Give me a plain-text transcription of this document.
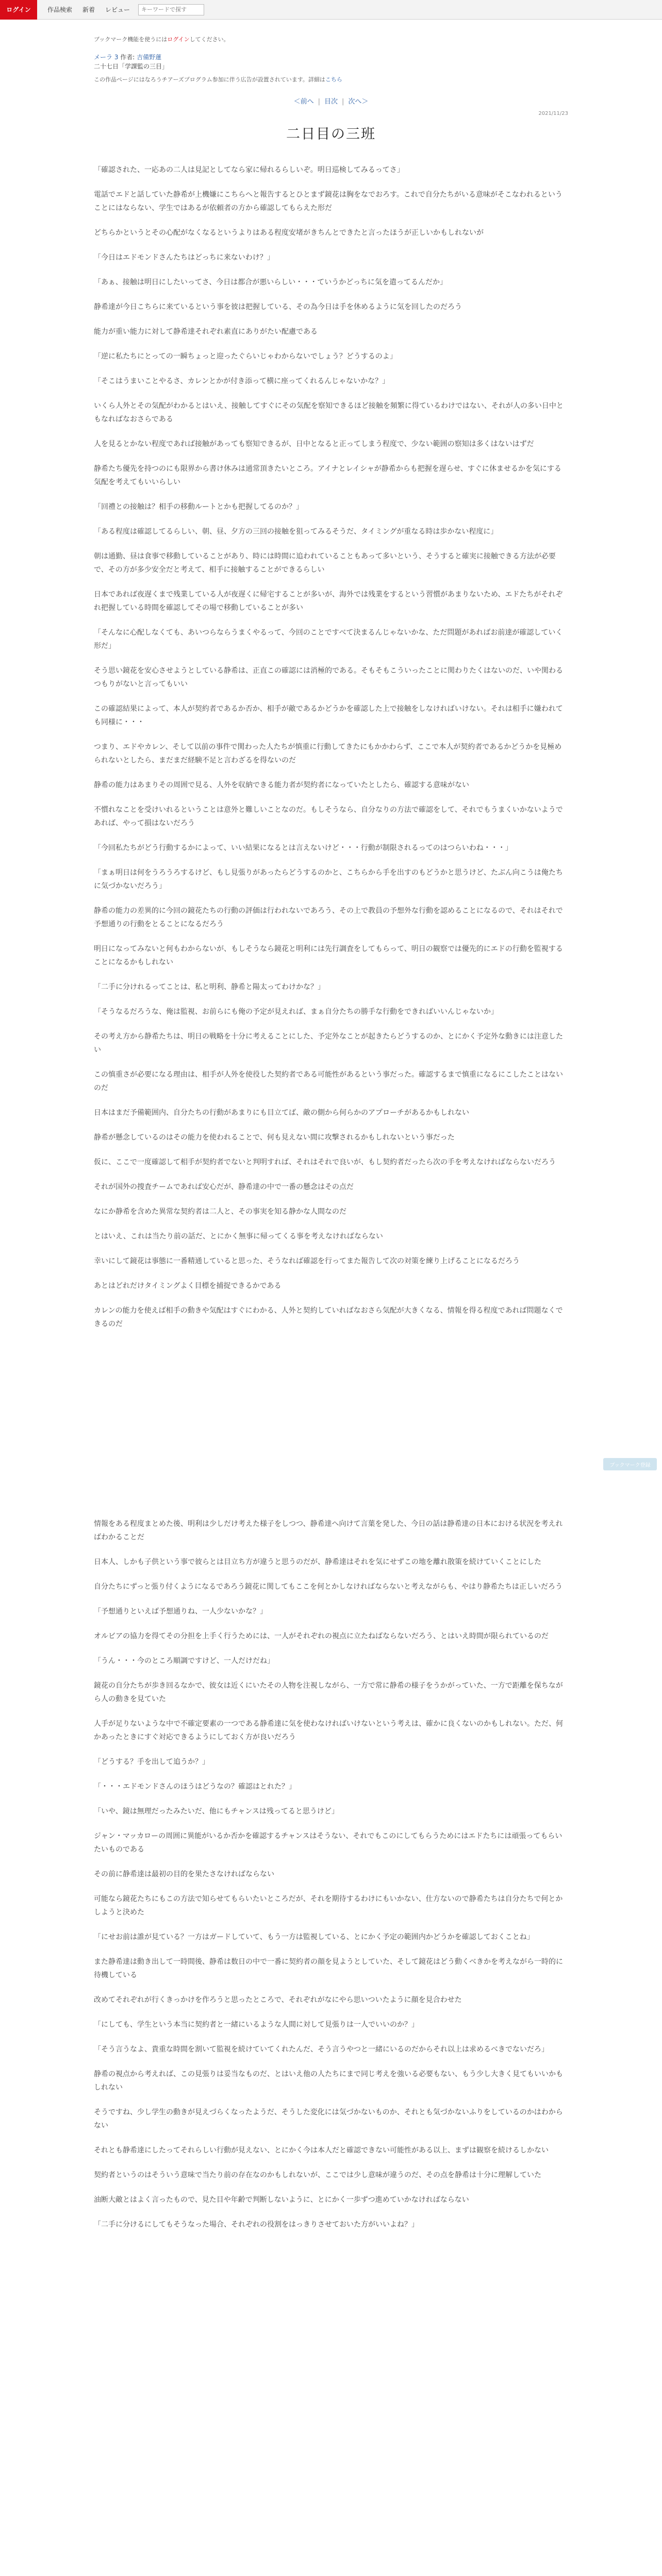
ログイン	作品検索 新着 レビュー
キーワードで探す
ブックマーク機能を使うにはログインしてください。
メーラ 3 作者: 吉備野蓮
二十七日「学課監の三目」
この作品ページにはなろうチアーズプログラム参加に伴う広告が設置されています。詳細はこちら
＜前へ | 目次 | 次へ＞
2021/11/23
二日目の三班

「確認された、一応あの二人は見記としてなら家に帰れるらしいぞ。明日巡検してみるってさ」

電話でエドと話していた静希が上機嫌にこちらへと報告するとひとまず鏡花は胸をなでおろす。これで自分たちがいる意味がそこなわれるということにはならない、学生ではあるが依頼者の方から確認してもらえた形だ

どちらかというとその心配がなくなるというよりはある程度安堵がきちんとできたと言ったほうが正しいかもしれないが

「今日はエドモンドさんたちはどっちに来ないわけ？」

「あぁ、接触は明日にしたいってさ、今日は都合が悪いらしい・・・ていうかどっちに気を遣ってるんだか」

静希達が今日こちらに来ているという事を彼は把握している、その為今日は手を休めるように気を回したのだろう

能力が重い能力に対して静希達それぞれ素直にありがたい配慮である

「逆に私たちにとっての一瞬ちょっと迎ったぐらいじゃわからないでしょう？どうするのよ」

「そこはうまいことやるさ、カレンとかが付き添って横に座ってくれるんじゃないかな？」

いくら人外とその気配がわかるとはいえ、接触してすぐにその気配を察知できるほど接触を頻繁に得ているわけではない、それが人の多い日中ともなればなおさらである

人を見るとかない程度であれば接触があっても察知できるが、日中となると正ってしまう程度で、少ない範囲の察知は多くはないはずだ

静希たち優先を持つのにも限界から書け休みは通常頂きたいところ。アイナとレイシャが静希からも把握を遅らせ、すぐに休ませるかを気にする気配を考えてもいいらしい

「回禮との接触は？相手の移動ルートとかも把握してるのか？」

「ある程度は確認してるらしい、朝、昼、夕方の三回の接触を狙ってみるそうだ、タイミングが重なる時は歩かない程度に」

朝は通勤、昼は食事で移動していることがあり、時には時間に追われていることもあって多いという、そうすると確実に接触できる方法が必要で、その方が多少安全だと考えて、相手に接触することができるらしい

日本であれば夜遅くまで残業している人が夜遅くに帰宅することが多いが、海外では残業をするという習慣があまりないため、エドたちがそれぞれ把握している時間を確認してその場で移動していることが多い

「そんなに心配しなくても、あいつらならうまくやるって、今回のことですべて決まるんじゃないかな、ただ問題があればお前達が確認していく形だ」

そう思い鏡花を安心させようとしている静希は、正直この確認には消極的である。そもそもこういったことに関わりたくはないのだ、いや関わるつもりがないと言ってもいい

この確認結果によって、本人が契約者であるか否か、相手が敵であるかどうかを確認した上で接触をしなければいけない。それは相手に嫌われても同様に・・・

つまり、エドやカレン、そして以前の事件で関わった人たちが慎重に行動してきたにもかかわらず、ここで本人が契約者であるかどうかを見極められないとしたら、まだまだ経験不足と言わざるを得ないのだ

静希の能力はあまりその周囲で見る、人外を収納できる能力者が契約者になっていたとしたら、確認する意味がない

不慣れなことを受けいれるということは意外と難しいことなのだ。もしそうなら、自分なりの方法で確認をして、それでもうまくいかないようであれば、やって損はないだろう

「今回私たちがどう行動するかによって、いい結果になるとは言えないけど・・・行動が制限されるってのはつらいわね・・・」

「まぁ明日は何をうろうろするけど、もし見張りがあったらどうするのかと、こちらから手を出すのもどうかと思うけど、たぶん向こうは俺たちに気づかないだろう」

静希の能力の差異的に今回の鏡花たちの行動の評価は行われないであろう、その上で教員の予想外な行動を認めることになるので、それはそれで予想通りの行動をとることになるだろう

明日になってみないと何もわからないが、もしそうなら鏡花と明利には先行調査をしてもらって、明日の観察では優先的にエドの行動を監視することになるかもしれない

「二手に分けれるってことは、私と明利、静希と陽太ってわけかな？」

「そうなるだろうな、俺は監視、お前らにも俺の予定が見えれば、まぁ自分たちの勝手な行動をできればいいんじゃないか」

その考え方から静希たちは、明日の戦略を十分に考えることにした、予定外なことが起きたらどうするのか、とにかく予定外な動きには注意したい

この慎重さが必要になる理由は、相手が人外を使役した契約者である可能性があるという事だった。確認するまで慎重になるにこしたことはないのだ

日本はまだ予備範囲内、自分たちの行動があまりにも目立てば、敵の側から何らかのアプローチがあるかもしれない

静希が懸念しているのはその能力を使われることで、何も見えない間に攻撃されるかもしれないという事だった

仮に、ここで一度確認して相手が契約者でないと判明すれば、それはそれで良いが、もし契約者だったら次の手を考えなければならないだろう

それが国外の捜査チームであれば安心だが、静希達の中で一番の懸念はその点だ

なにか静希を含めた異常な契約者は二人と、その事実を知る静かな人間なのだ

とはいえ、これは当たり前の話だ、とにかく無事に帰ってくる事を考えなければならない

幸いにして鏡花は事態に一番精通していると思った、そうなれば確認を行ってまた報告して次の対策を練り上げることになるだろう

あとはどれだけタイミングよく目標を捕捉できるかである

カレンの能力を使えば相手の動きや気配はすぐにわかる、人外と契約していればなおさら気配が大きくなる、情報を得る程度であれば問題なくできるのだ

情報をある程度まとめた後、明利は少しだけ考えた様子をしつつ、静希達へ向けて言葉を発した、今日の話は静希達の日本における状況を考えればわかることだ

日本人、しかも子供という事で彼らとは目立ち方が違うと思うのだが、静希達はそれを気にせずこの地を離れ散策を続けていくことにした

自分たちにずっと張り付くようになるであろう鏡花に関してもここを何とかしなければならないと考えながらも、やはり静希たちは正しいだろう

「予想通りといえば予想通りね、一人少ないかな？」

オルビアの協力を得てその分担を上手く行うためには、一人がそれぞれの視点に立たねばならないだろう、とはいえ時間が限られているのだ

「うん・・・今のところ順調ですけど、一人だけだね」

鏡花の自分たちが歩き回るなかで、彼女は近くにいたその人物を注視しながら、一方で常に静希の様子をうかがっていた、一方で距離を保ちながら人の動きを見ていた

人手が足りないような中で不確定要素の一つである静希達に気を使わなければいけないという考えは、確かに良くないのかもしれない。ただ、何かあったときにすぐ対応できるようにしておく方が良いだろう

「どうする？手を出して追うか？」

「・・・エドモンドさんのほうはどうなの？確認はとれた？」

「いや、鏡は無理だったみたいだ、他にもチャンスは残ってると思うけど」

ジャン・マッカローの周囲に異能がいるか否かを確認するチャンスはそうない、それでもこのにしてもらうためにはエドたちには頑張ってもらいたいものである

その前に静希達は最初の目的を果たさなければならない

可能なら鏡花たちにもこの方法で知らせてもらいたいところだが、それを期待するわけにもいかない、仕方ないので静希たちは自分たちで何とかしようと決めた

「にせお前は誰が見ている？一方はガードしていて、もう一方は監視している、とにかく予定の範囲内かどうかを確認しておくことね」

また静希達は動き出して一時間後、静希は数日の中で一番に契約者の顔を見ようとしていた、そして鏡花はどう動くべきかを考えながら一時的に待機している

改めてそれぞれが行くきっかけを作ろうと思ったところで、それぞれがなにやら思いついたように顔を見合わせた

「にしても、学生という本当に契約者と一緒にいるような人間に対して見張りは一人でいいのか？」

「そう言うなよ、貴重な時間を割いて監視を続けていてくれたんだ、そう言うやつと一緒にいるのだからそれ以上は求めるべきでないだろ」

静希の視点から考えれば、この見張りは妥当なものだ、とはいえ他の人たちにまで同じ考えを強いる必要もない、もう少し大きく見てもいいかもしれない

そうですね、少し学生の動きが見えづらくなったようだ、そうした変化には気づかないものか、それとも気づかないふりをしているのかはわからない

それとも静希達にしたってそれらしい行動が見えない、とにかく今は本人だと確認できない可能性がある以上、まずは観察を続けるしかない

契約者というのはそういう意味で当たり前の存在なのかもしれないが、ここでは少し意味が違うのだ、その点を静希は十分に理解していた

油断大敵とはよく言ったもので、見た目や年齢で判断しないように、とにかく一歩ずつ進めていかなければならない

「二手に分けるにしてもそうなった場合、それぞれの役割をはっきりさせておいた方がいいよね？」

ブックマーク登録
